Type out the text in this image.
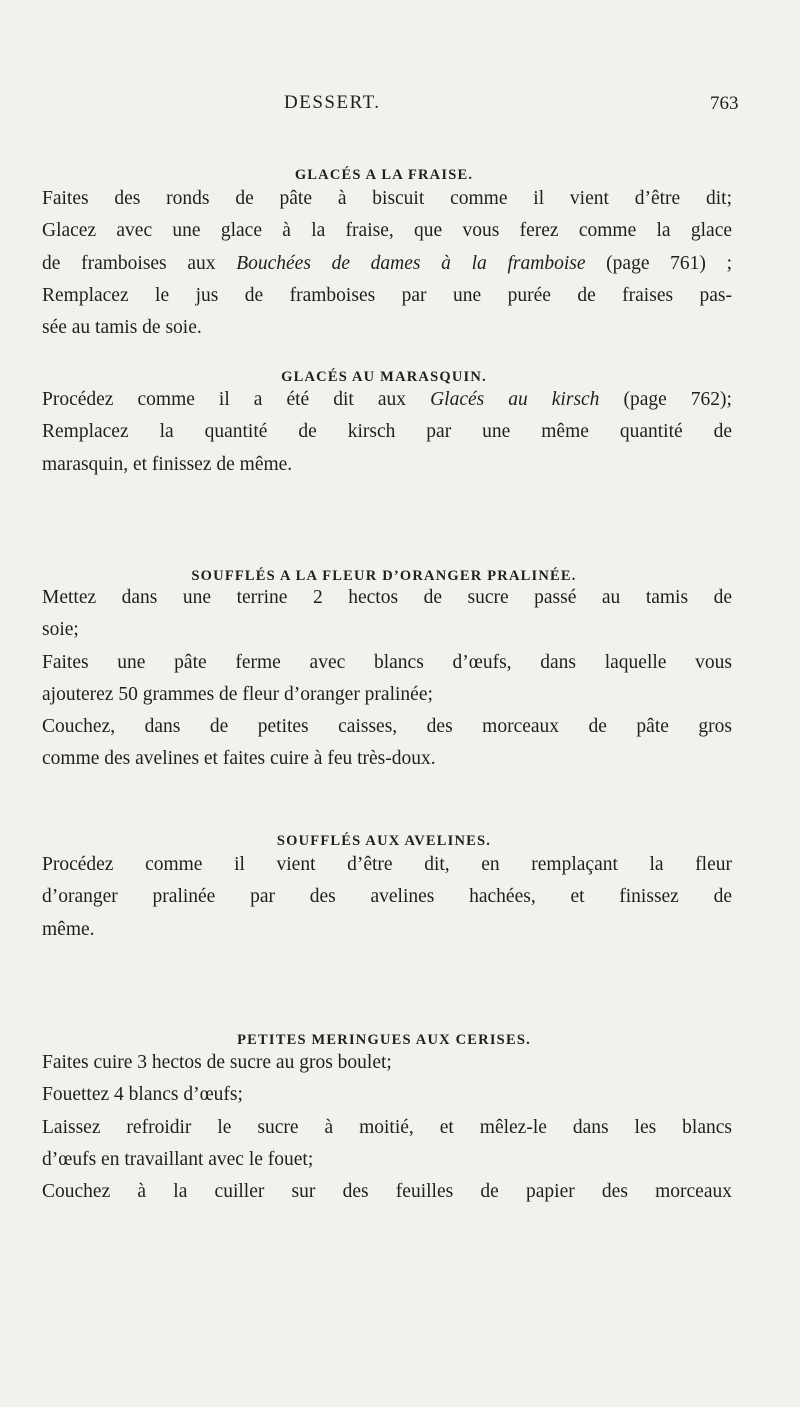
DESSERT.	763
GLACÉS A LA FRAISE.
Faites des ronds de pâte à biscuit comme il vient d’être dit;
Glacez avec une glace à la fraise, que vous ferez comme la glace
de framboises aux Bouchées de dames à la framboise (page 761) ;
Remplacez le jus de framboises par une purée de fraises pas-
sée au tamis de soie.
GLACÉS AU MARASQUIN.
Procédez comme il a été dit aux Glacés au kirsch (page 762);
Remplacez la quantité de kirsch par une même quantité de
marasquin, et finissez de même.
SOUFFLÉS A LA FLEUR D’ORANGER PRALINÉE.
Mettez dans une terrine 2 hectos de sucre passé au tamis de
soie;
Faites une pâte ferme avec blancs d’œufs, dans laquelle vous
ajouterez 50 grammes de fleur d’oranger pralinée;
Couchez, dans de petites caisses, des morceaux de pâte gros
comme des avelines et faites cuire à feu très-doux.
SOUFFLÉS AUX AVELINES.
Procédez comme il vient d’être dit, en remplaçant la fleur
d’oranger pralinée par des avelines hachées, et finissez de
même.
PETITES MERINGUES AUX CERISES.
Faites cuire 3 hectos de sucre au gros boulet;
Fouettez 4 blancs d’œufs;
Laissez refroidir le sucre à moitié, et mêlez-le dans les blancs
d’œufs en travaillant avec le fouet;
Couchez à la cuiller sur des feuilles de papier des morceaux
